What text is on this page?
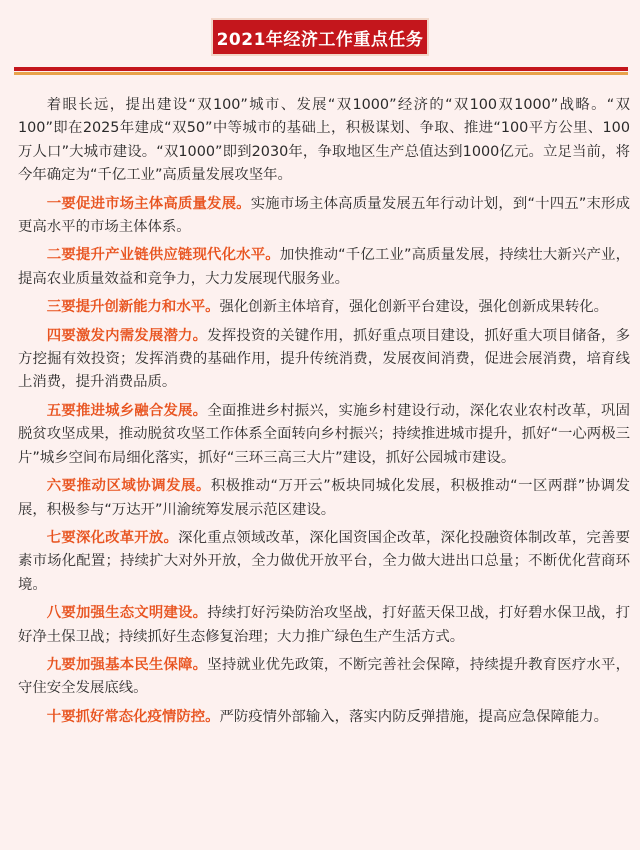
2021年经济工作重点任务

着眼长远，提出建设“双100”城市、发展“双1000”经济的“双100双1000”战略。“双100”即在2025年建成“双50”中等城市的基础上，积极谋划、争取、推进“100平方公里、100万人口”大城市建设。“双1000”即到2030年，争取地区生产总值达到1000亿元。立足当前，将今年确定为“千亿工业”高质量发展攻坚年。

一要促进市场主体高质量发展。实施市场主体高质量发展五年行动计划，到“十四五”末形成更高水平的市场主体体系。

二要提升产业链供应链现代化水平。加快推动“千亿工业”高质量发展，持续壮大新兴产业，提高农业质量效益和竞争力，大力发展现代服务业。

三要提升创新能力和水平。强化创新主体培育，强化创新平台建设，强化创新成果转化。

四要激发内需发展潜力。发挥投资的关键作用，抓好重点项目建设，抓好重大项目储备，多方挖掘有效投资；发挥消费的基础作用，提升传统消费，发展夜间消费，促进会展消费，培育线上消费，提升消费品质。

五要推进城乡融合发展。全面推进乡村振兴，实施乡村建设行动，深化农业农村改革，巩固脱贫攻坚成果，推动脱贫攻坚工作体系全面转向乡村振兴；持续推进城市提升，抓好“一心两极三片”城乡空间布局细化落实，抓好“三环三高三大片”建设，抓好公园城市建设。

六要推动区域协调发展。积极推动“万开云”板块同城化发展，积极推动“一区两群”协调发展，积极参与“万达开”川渝统筹发展示范区建设。

七要深化改革开放。深化重点领域改革，深化国资国企改革，深化投融资体制改革，完善要素市场化配置；持续扩大对外开放，全力做优开放平台，全力做大进出口总量；不断优化营商环境。

八要加强生态文明建设。持续打好污染防治攻坚战，打好蓝天保卫战，打好碧水保卫战，打好净土保卫战；持续抓好生态修复治理；大力推广绿色生产生活方式。

九要加强基本民生保障。坚持就业优先政策，不断完善社会保障，持续提升教育医疗水平，守住安全发展底线。

十要抓好常态化疫情防控。严防疫情外部输入，落实内防反弹措施，提高应急保障能力。
